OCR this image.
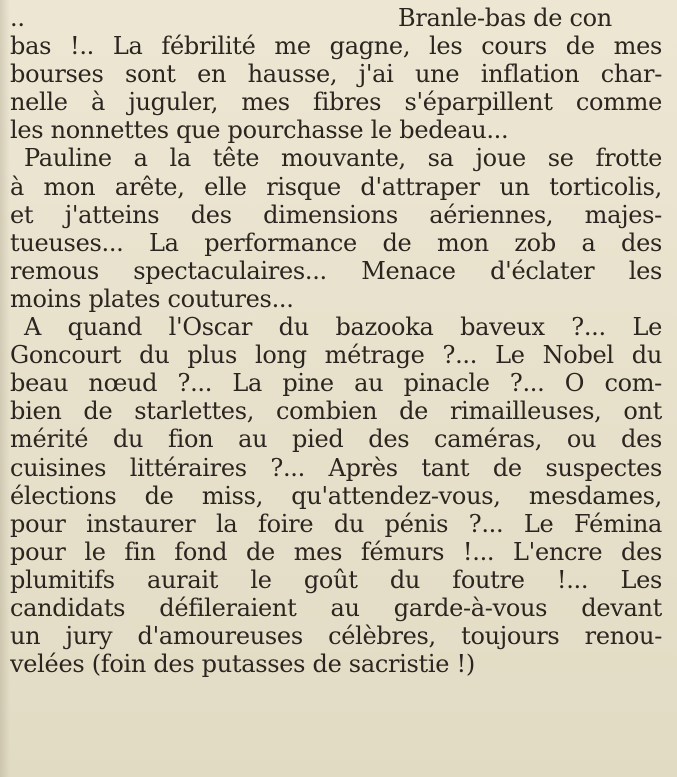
..	Branle-bas de con
bas !.. La fébrilité me gagne, les cours de mes
bourses sont en hausse, j'ai une inflation char-
nelle à juguler, mes fibres s'éparpillent comme
les nonnettes que pourchasse le bedeau...
Pauline a la tête mouvante, sa joue se frotte
à mon arête, elle risque d'attraper un torticolis,
et j'atteins des dimensions aériennes, majes-
tueuses... La performance de mon zob a des
remous spectaculaires... Menace d'éclater les
moins plates coutures...
A quand l'Oscar du bazooka baveux ?... Le
Goncourt du plus long métrage ?... Le Nobel du
beau nœud ?... La pine au pinacle ?... O com-
bien de starlettes, combien de rimailleuses, ont
mérité du fion au pied des caméras, ou des
cuisines littéraires ?... Après tant de suspectes
élections de miss, qu'attendez-vous, mesdames,
pour instaurer la foire du pénis ?... Le Fémina
pour le fin fond de mes fémurs !... L'encre des
plumitifs aurait le goût du foutre !... Les
candidats défileraient au garde-à-vous devant
un jury d'amoureuses célèbres, toujours renou-
velées (foin des putasses de sacristie !)
